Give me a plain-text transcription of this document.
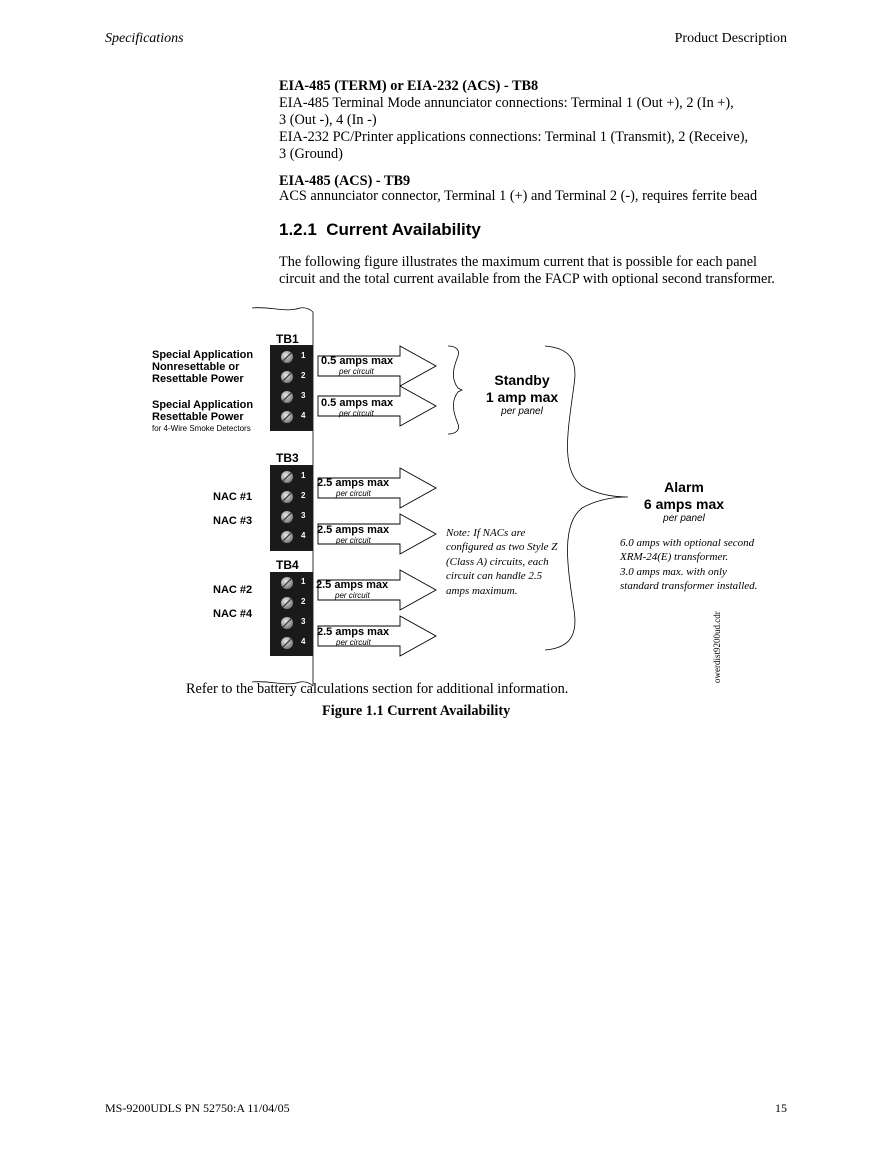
Specifications	Product Description
EIA-485 (TERM) or EIA-232 (ACS) - TB8
EIA-485 Terminal Mode annunciator connections: Terminal 1 (Out +), 2 (In +),
3 (Out -), 4 (In -)
EIA-232 PC/Printer applications connections: Terminal 1 (Transmit), 2 (Receive),
3 (Ground)
EIA-485 (ACS) - TB9
ACS annunciator connector, Terminal 1 (+) and Terminal 2 (-), requires ferrite bead
1.2.1 Current Availability
The following figure illustrates the maximum current that is possible for each panel
circuit and the total current available from the FACP with optional second transformer.
TB1
TB3
TB4
1
2
3
4
1
2
3
4
1
2
3
4
Special Application
Nonresettable or
Resettable Power
Special Application
Resettable Power
for 4-Wire Smoke Detectors
NAC #1
NAC #3
NAC #2
NAC #4
0.5 amps max
per circuit
0.5 amps max
per circuit
2.5 amps max
per circuit
2.5 amps max
per circuit
2.5 amps max
per circuit
2.5 amps max
per circuit
Standby
1 amp max
per panel
Alarm
6 amps max
per panel
6.0 amps with optional second
XRM-24(E) transformer.
3.0 amps max. with only
standard transformer installed.
Note: If NACs are
configured as two Style Z
(Class A) circuits, each
circuit can handle 2.5
amps maximum.
owerdist9200ud.cdr
Refer to the battery calculations section for additional information.
Figure 1.1 Current Availability
MS-9200UDLS PN 52750:A 11/04/05	15
